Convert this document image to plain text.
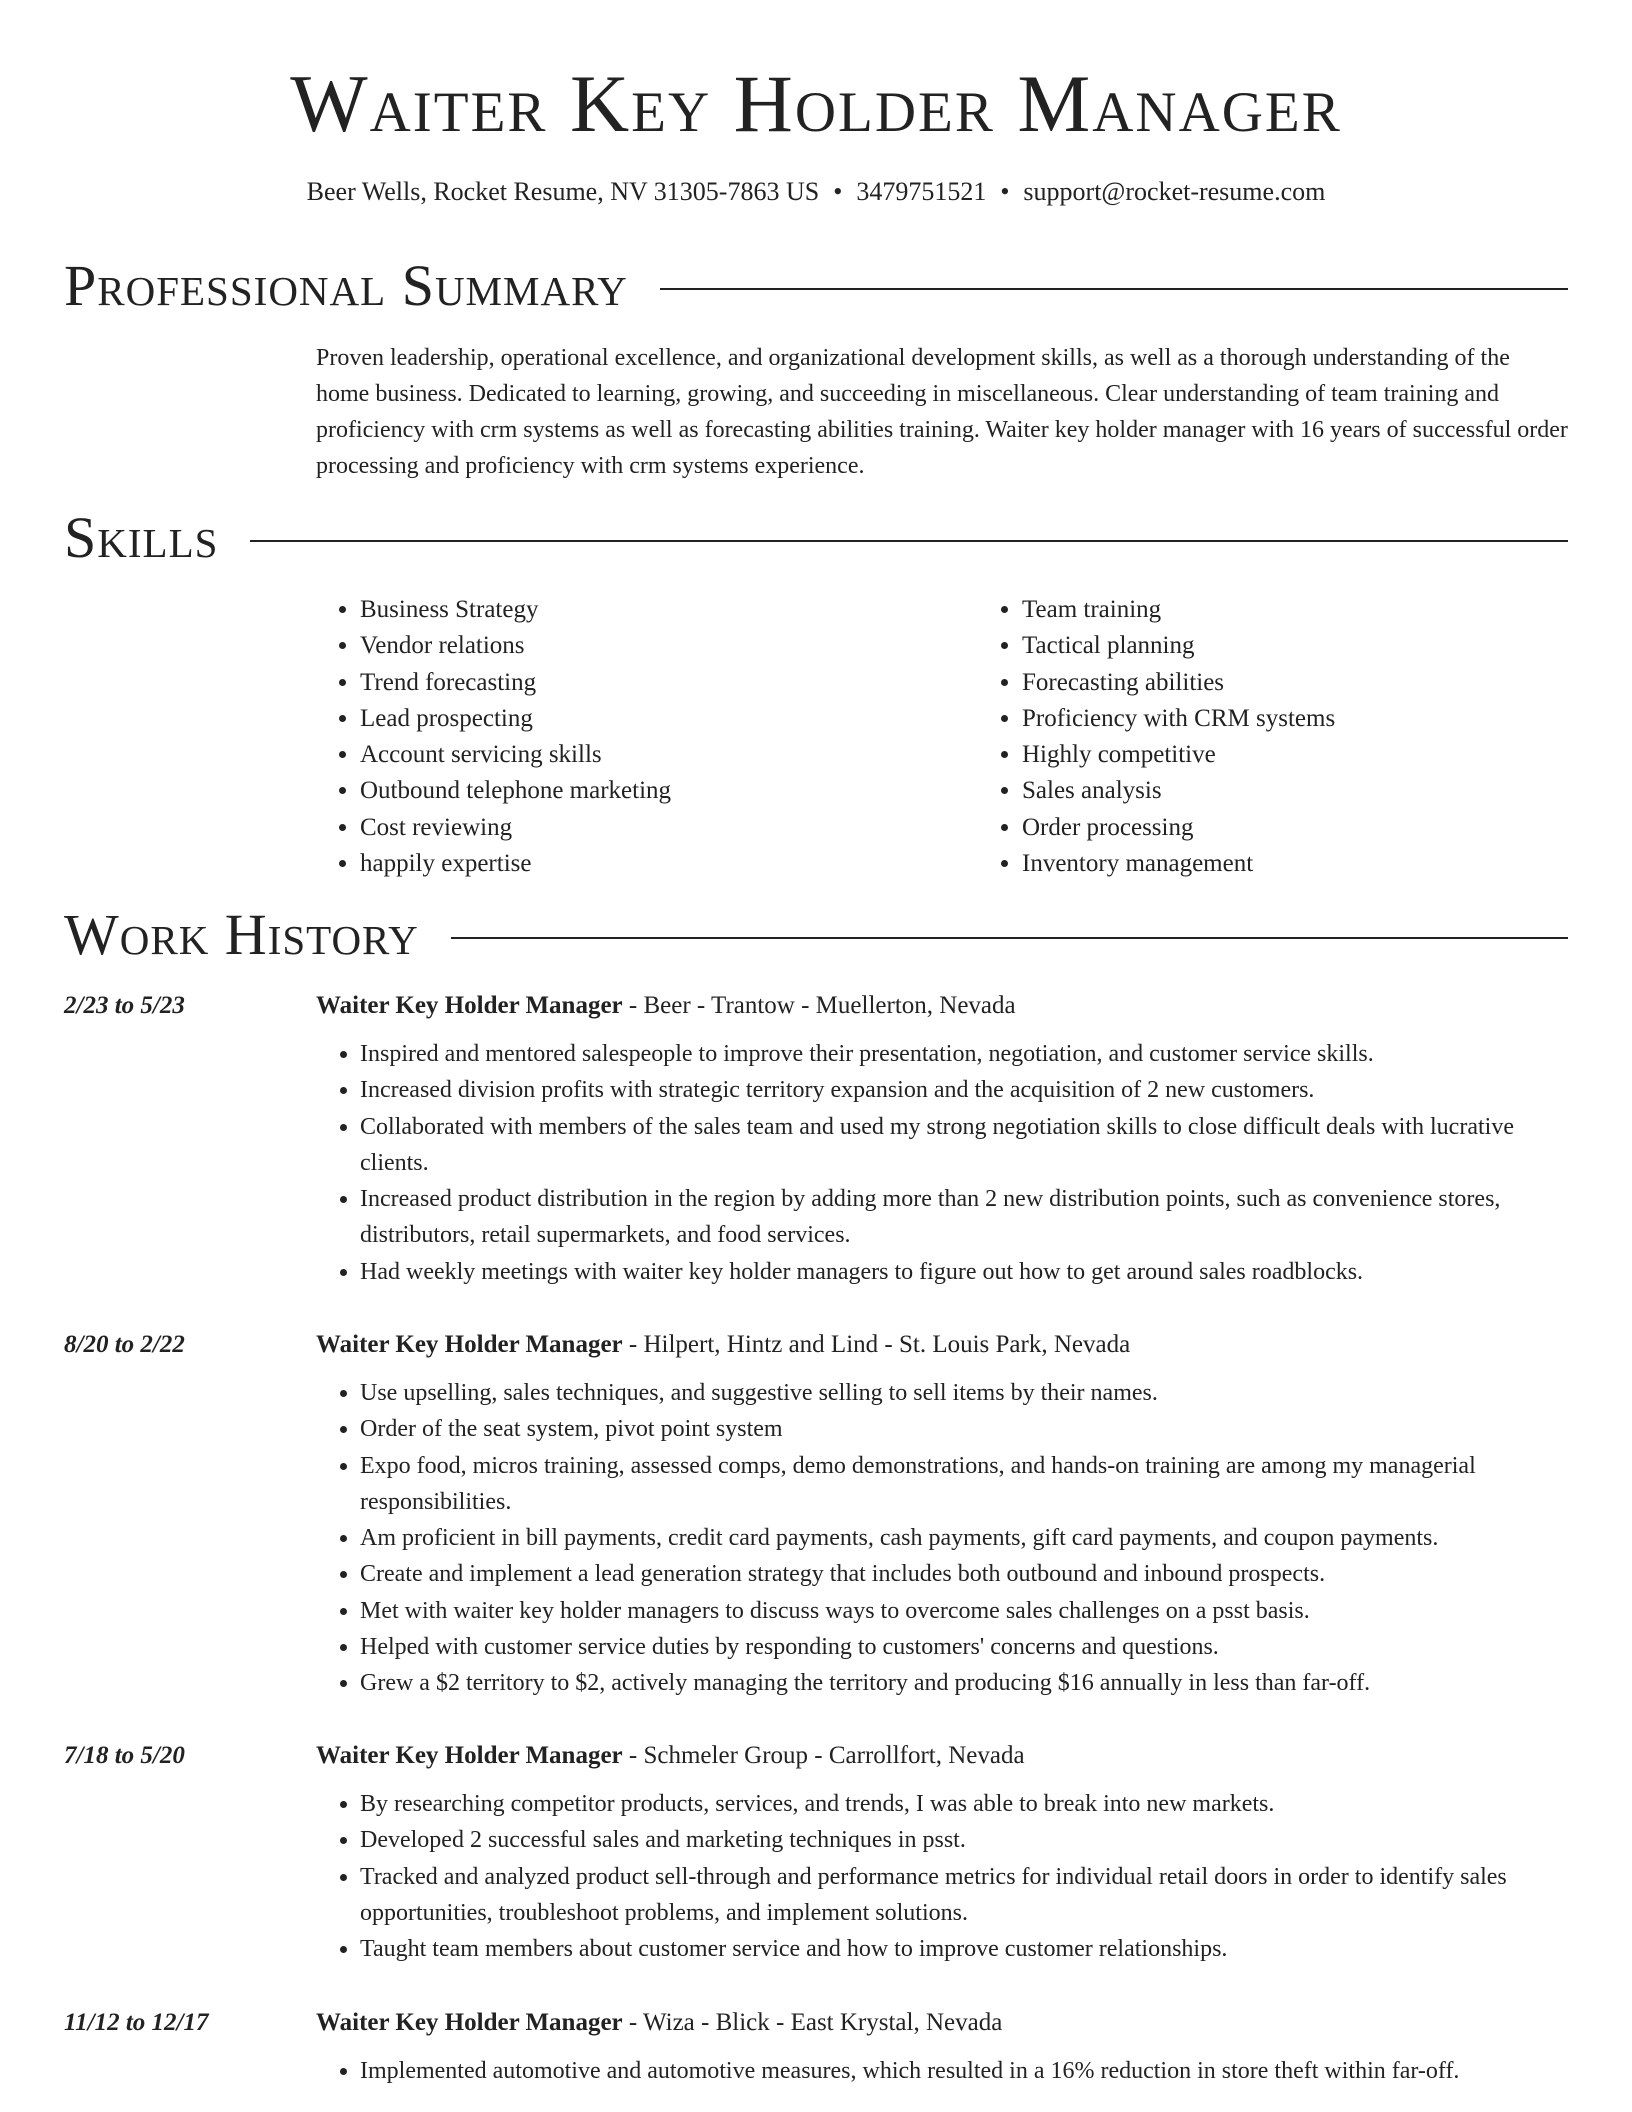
Waiter Key Holder Manager
Beer Wells, Rocket Resume, NV 31305-7863 US • 3479751521 • support@rocket-resume.com
Professional Summary

Proven leadership, operational excellence, and organizational development skills, as well as a thorough understanding of the home business. Dedicated to learning, growing, and succeeding in miscellaneous. Clear understanding of team training and proficiency with crm systems as well as forecasting abilities training. Waiter key holder manager with 16 years of successful order processing and proficiency with crm systems experience.

Skills
• Business Strategy
• Vendor relations
• Trend forecasting
• Lead prospecting
• Account servicing skills
• Outbound telephone marketing
• Cost reviewing
• happily expertise
• Team training
• Tactical planning
• Forecasting abilities
• Proficiency with CRM systems
• Highly competitive
• Sales analysis
• Order processing
• Inventory management
Work History
2/23 to 5/23	Waiter Key Holder Manager - Beer - Trantow - Muellerton, Nevada
• Inspired and mentored salespeople to improve their presentation, negotiation, and customer service skills.
• Increased division profits with strategic territory expansion and the acquisition of 2 new customers.
• Collaborated with members of the sales team and used my strong negotiation skills to close difficult deals with lucrative clients.
• Increased product distribution in the region by adding more than 2 new distribution points, such as convenience stores, distributors, retail supermarkets, and food services.
• Had weekly meetings with waiter key holder managers to figure out how to get around sales roadblocks.
8/20 to 2/22	Waiter Key Holder Manager - Hilpert, Hintz and Lind - St. Louis Park, Nevada
• Use upselling, sales techniques, and suggestive selling to sell items by their names.
• Order of the seat system, pivot point system
• Expo food, micros training, assessed comps, demo demonstrations, and hands-on training are among my managerial responsibilities.
• Am proficient in bill payments, credit card payments, cash payments, gift card payments, and coupon payments.
• Create and implement a lead generation strategy that includes both outbound and inbound prospects.
• Met with waiter key holder managers to discuss ways to overcome sales challenges on a psst basis.
• Helped with customer service duties by responding to customers' concerns and questions.
• Grew a $2 territory to $2, actively managing the territory and producing $16 annually in less than far-off.
7/18 to 5/20	Waiter Key Holder Manager - Schmeler Group - Carrollfort, Nevada
• By researching competitor products, services, and trends, I was able to break into new markets.
• Developed 2 successful sales and marketing techniques in psst.
• Tracked and analyzed product sell-through and performance metrics for individual retail doors in order to identify sales opportunities, troubleshoot problems, and implement solutions.
• Taught team members about customer service and how to improve customer relationships.
11/12 to 12/17	Waiter Key Holder Manager - Wiza - Blick - East Krystal, Nevada
• Implemented automotive and automotive measures, which resulted in a 16% reduction in store theft within far-off.
